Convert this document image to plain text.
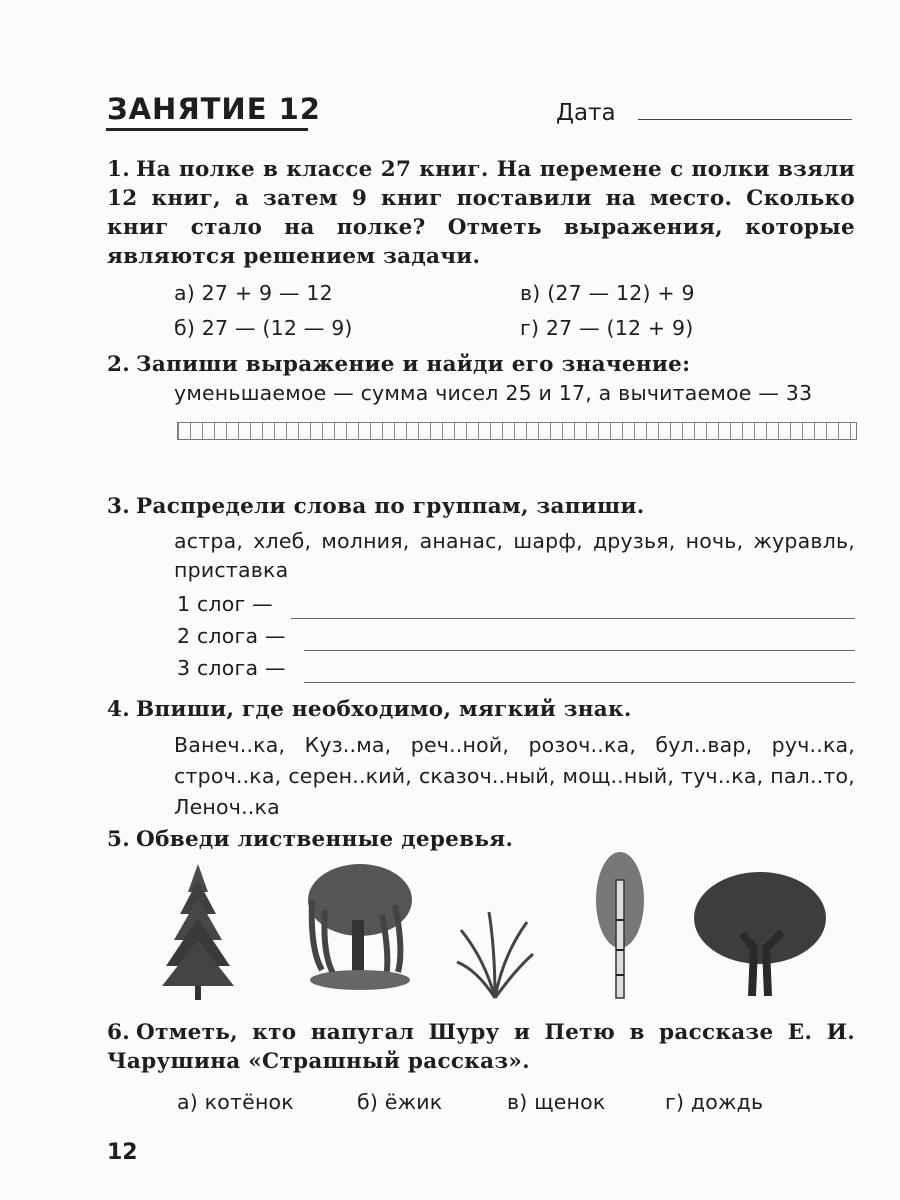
ЗАНЯТИЕ 12	Дата

1. На полке в классе 27 книг. На перемене с полки взяли 12 книг, а затем 9 книг поставили на место. Сколько книг стало на полке? Отметь выражения, которые являются решением задачи.

а) 27 + 9 — 12	в) (27 — 12) + 9
б) 27 — (12 — 9)	г) 27 — (12 + 9)

2. Запиши выражение и найди его значение:

уменьшаемое — сумма чисел 25 и 17, а вычитаемое — 33

3. Распредели слова по группам, запиши.

астра, хлеб, молния, ананас, шарф, друзья, ночь, журавль, приставка

1 слог —
2 слога —
3 слога —

4. Впиши, где необходимо, мягкий знак.

Ванеч..ка, Куз..ма, реч..ной, розоч..ка, бул..вар, руч..ка, строч..ка, серен..кий, сказоч..ный, мощ..ный, туч..ка, пал..то, Леноч..ка

5. Обведи лиственные деревья.

6. Отметь, кто напугал Шуру и Петю в рассказе Е. И. Чарушина «Страшный рассказ».

а) котёнок	б) ёжик	в) щенок	г) дождь
12
